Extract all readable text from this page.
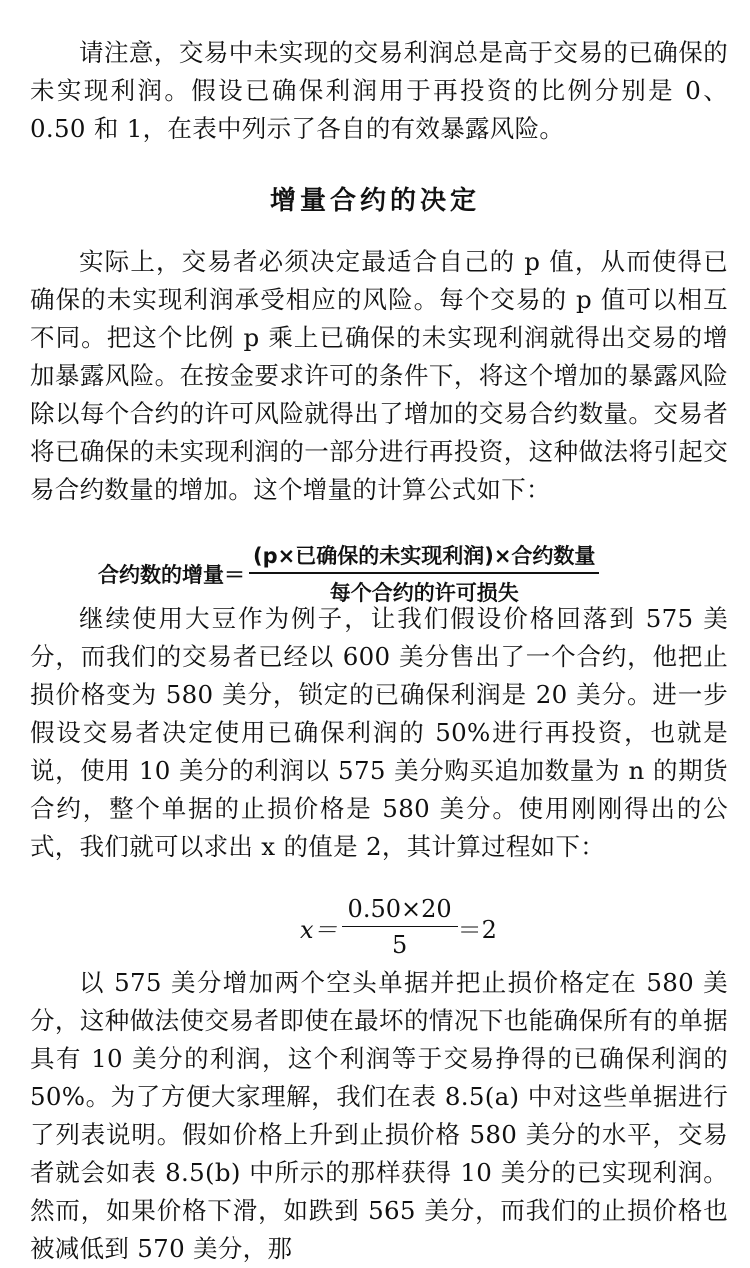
请注意，交易中未实现的交易利润总是高于交易的已确保的未实现利润。假设已确保利润用于再投资的比例分别是 0、0.50 和 1，在表中列示了各自的有效暴露风险。

增量合约的决定

实际上，交易者必须决定最适合自己的 p 值，从而使得已确保的未实现利润承受相应的风险。每个交易的 p 值可以相互不同。把这个比例 p 乘上已确保的未实现利润就得出交易的增加暴露风险。在按金要求许可的条件下，将这个增加的暴露风险除以每个合约的许可风险就得出了增加的交易合约数量。交易者将已确保的未实现利润的一部分进行再投资，这种做法将引起交易合约数量的增加。这个增量的计算公式如下：

合约数的增量＝ $\frac{\text{(p×已确保的未实现利润)×合约数量}}{\text{每个合约的许可损失}}$

继续使用大豆作为例子，让我们假设价格回落到 575 美分，而我们的交易者已经以 600 美分售出了一个合约，他把止损价格变为 580 美分，锁定的已确保利润是 20 美分。进一步假设交易者决定使用已确保利润的 50%进行再投资，也就是说，使用 10 美分的利润以 575 美分购买追加数量为 n 的期货合约，整个单据的止损价格是 580 美分。使用刚刚得出的公式，我们就可以求出 x 的值是 2，其计算过程如下：

$x= \frac{0.50\times 20}{5} =2$

以 575 美分增加两个空头单据并把止损价格定在 580 美分，这种做法使交易者即使在最坏的情况下也能确保所有的单据具有 10 美分的利润，这个利润等于交易挣得的已确保利润的 50%。为了方便大家理解，我们在表 8.5(a) 中对这些单据进行了列表说明。假如价格上升到止损价格 580 美分的水平，交易者就会如表 8.5(b) 中所示的那样获得 10 美分的已实现利润。然而，如果价格下滑，如跌到 565 美分，而我们的止损价格也被减低到 570 美分，那
